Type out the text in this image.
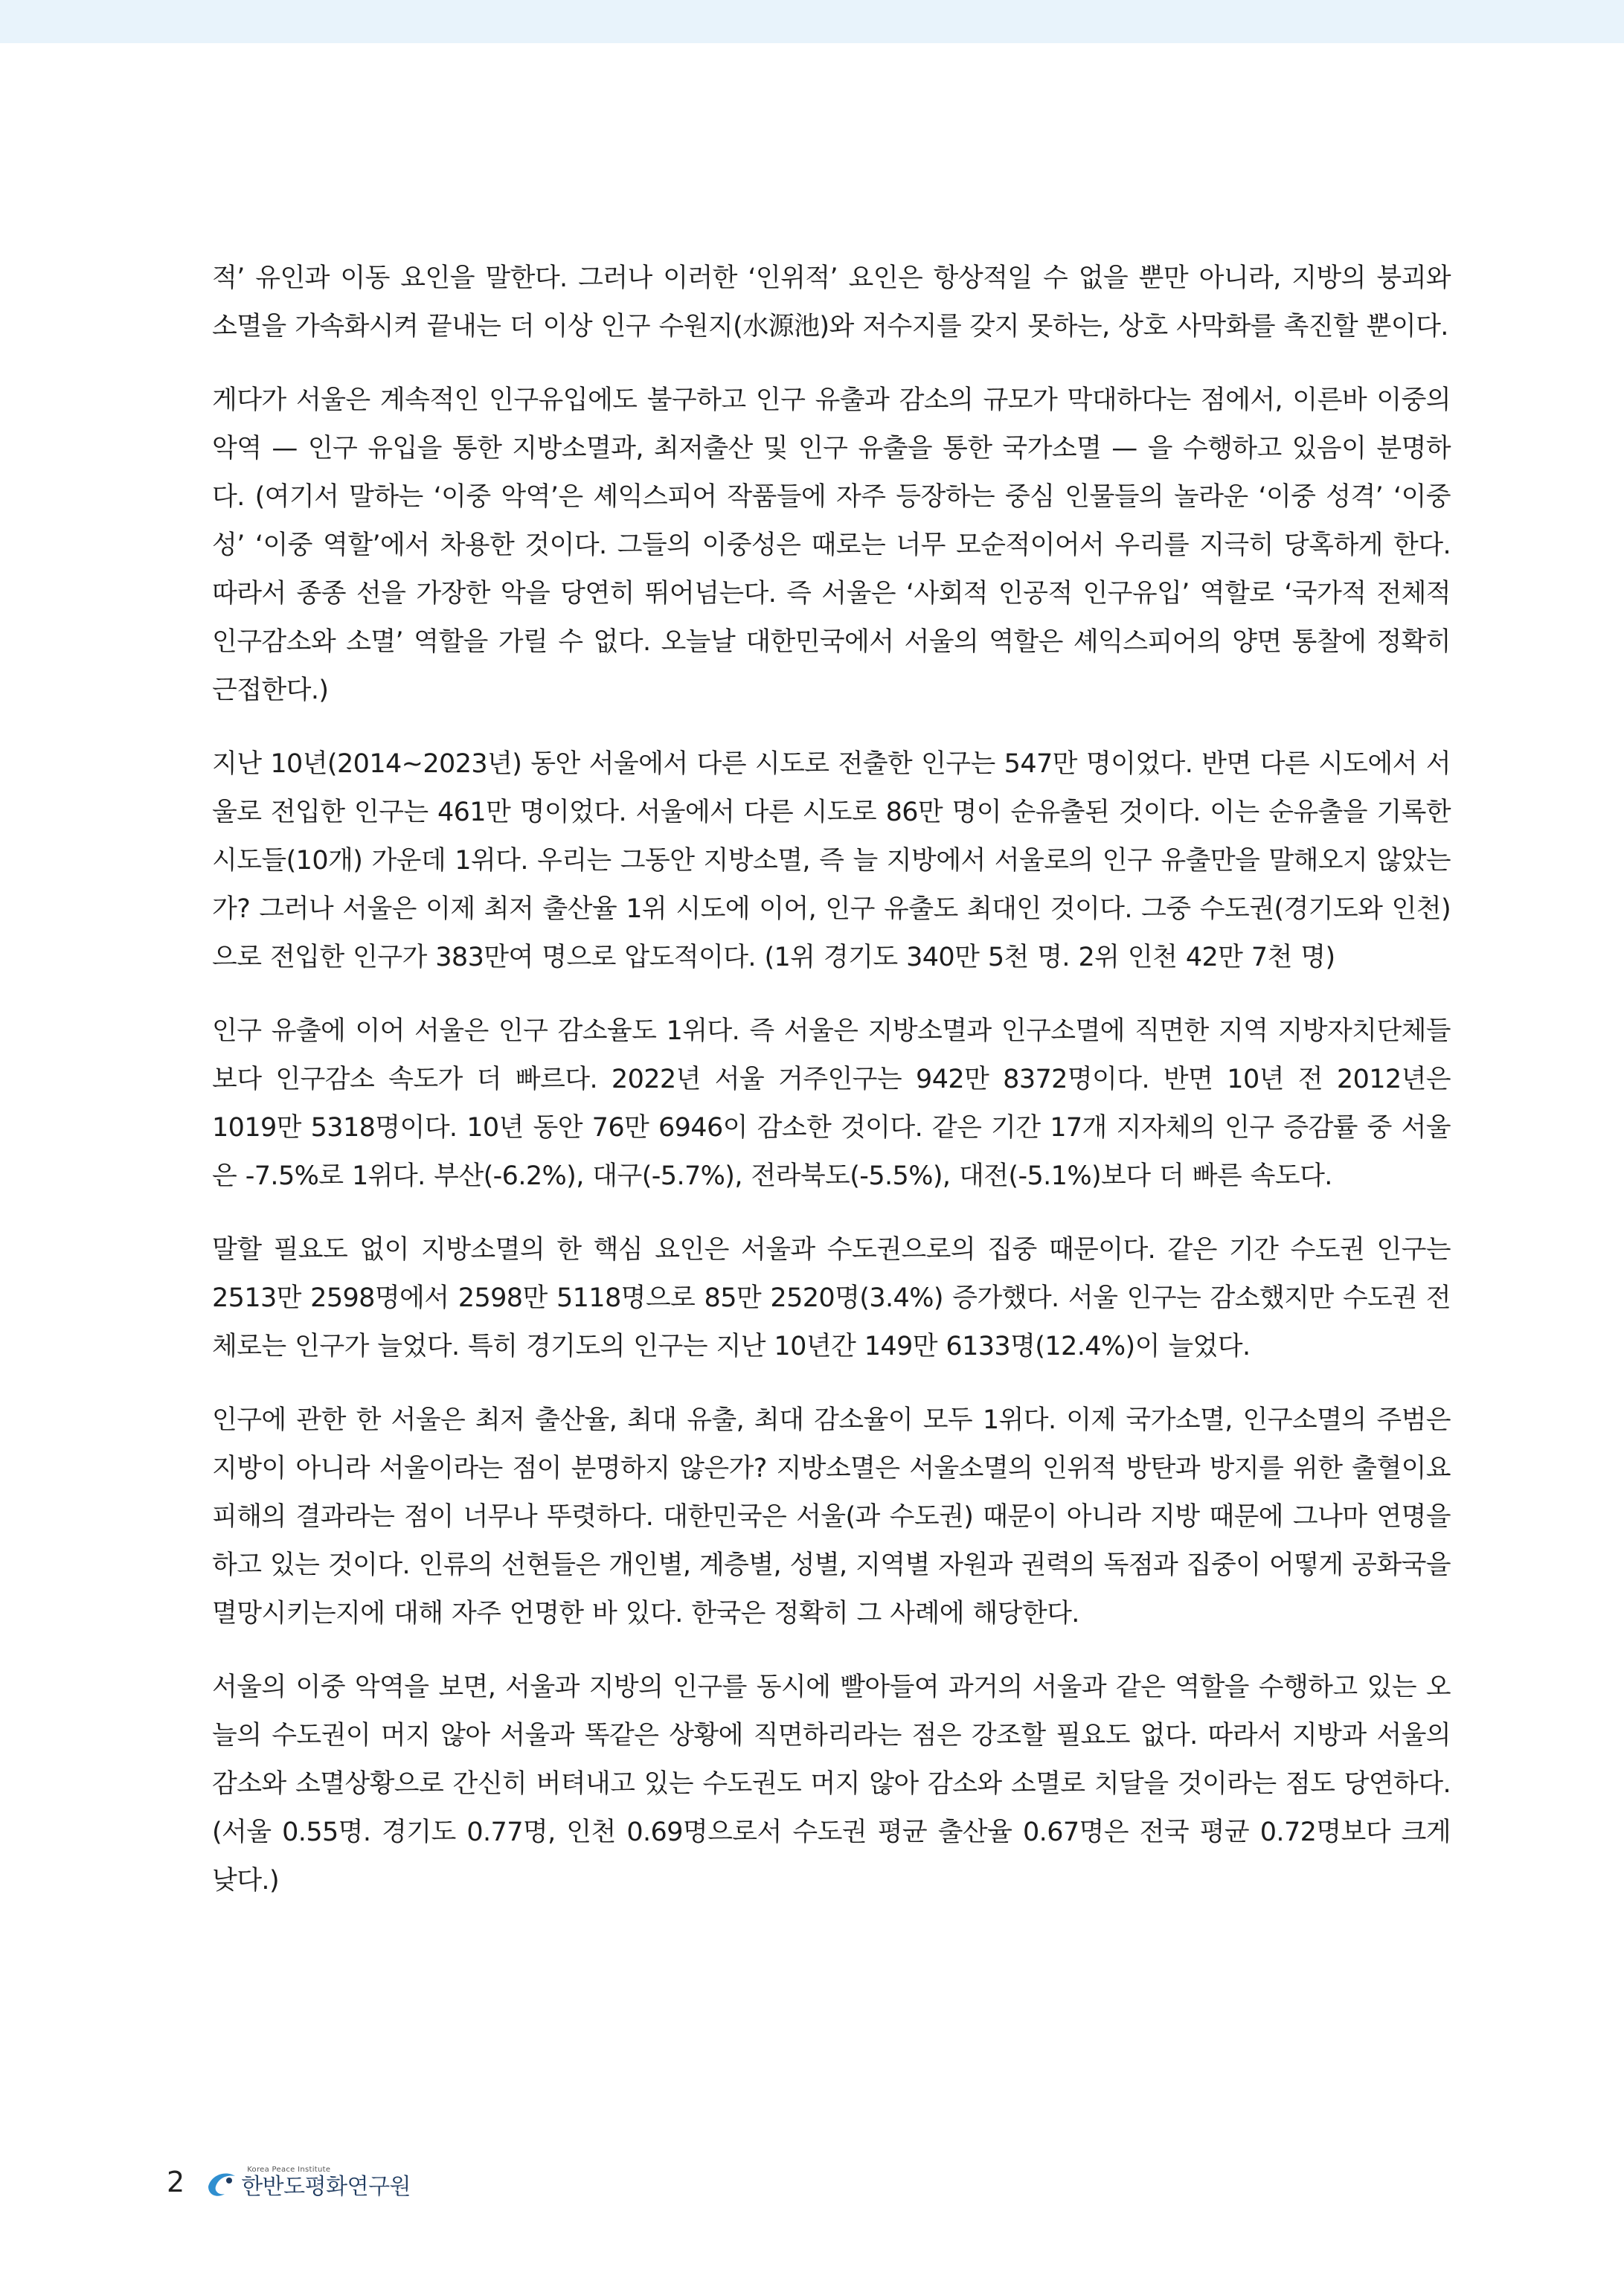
적’ 유인과 이동 요인을 말한다. 그러나 이러한 ‘인위적’ 요인은 항상적일 수 없을 뿐만 아니라, 지방의 붕괴와 소멸을 가속화시켜 끝내는 더 이상 인구 수원지(水源池)와 저수지를 갖지 못하는, 상호 사막화를 촉진할 뿐이다.

게다가 서울은 계속적인 인구유입에도 불구하고 인구 유출과 감소의 규모가 막대하다는 점에서, 이른바 이중의 악역 — 인구 유입을 통한 지방소멸과, 최저출산 및 인구 유출을 통한 국가소멸 — 을 수행하고 있음이 분명하다. (여기서 말하는 ‘이중 악역’은 셰익스피어 작품들에 자주 등장하는 중심 인물들의 놀라운 ‘이중 성격’ ‘이중성’ ‘이중 역할’에서 차용한 것이다. 그들의 이중성은 때로는 너무 모순적이어서 우리를 지극히 당혹하게 한다. 따라서 종종 선을 가장한 악을 당연히 뛰어넘는다. 즉 서울은 ‘사회적 인공적 인구유입’ 역할로 ‘국가적 전체적 인구감소와 소멸’ 역할을 가릴 수 없다. 오늘날 대한민국에서 서울의 역할은 셰익스피어의 양면 통찰에 정확히 근접한다.)

지난 10년(2014~2023년) 동안 서울에서 다른 시도로 전출한 인구는 547만 명이었다. 반면 다른 시도에서 서울로 전입한 인구는 461만 명이었다. 서울에서 다른 시도로 86만 명이 순유출된 것이다. 이는 순유출을 기록한 시도들(10개) 가운데 1위다. 우리는 그동안 지방소멸, 즉 늘 지방에서 서울로의 인구 유출만을 말해오지 않았는가? 그러나 서울은 이제 최저 출산율 1위 시도에 이어, 인구 유출도 최대인 것이다. 그중 수도권(경기도와 인천)으로 전입한 인구가 383만여 명으로 압도적이다. (1위 경기도 340만 5천 명. 2위 인천 42만 7천 명)

인구 유출에 이어 서울은 인구 감소율도 1위다. 즉 서울은 지방소멸과 인구소멸에 직면한 지역 지방자치단체들보다 인구감소 속도가 더 빠르다. 2022년 서울 거주인구는 942만 8372명이다. 반면 10년 전 2012년은 1019만 5318명이다. 10년 동안 76만 6946이 감소한 것이다. 같은 기간 17개 지자체의 인구 증감률 중 서울은 -7.5%로 1위다. 부산(-6.2%), 대구(-5.7%), 전라북도(-5.5%), 대전(-5.1%)보다 더 빠른 속도다.

말할 필요도 없이 지방소멸의 한 핵심 요인은 서울과 수도권으로의 집중 때문이다. 같은 기간 수도권 인구는 2513만 2598명에서 2598만 5118명으로 85만 2520명(3.4%) 증가했다. 서울 인구는 감소했지만 수도권 전체로는 인구가 늘었다. 특히 경기도의 인구는 지난 10년간 149만 6133명(12.4%)이 늘었다.

인구에 관한 한 서울은 최저 출산율, 최대 유출, 최대 감소율이 모두 1위다. 이제 국가소멸, 인구소멸의 주범은 지방이 아니라 서울이라는 점이 분명하지 않은가? 지방소멸은 서울소멸의 인위적 방탄과 방지를 위한 출혈이요 피해의 결과라는 점이 너무나 뚜렷하다. 대한민국은 서울(과 수도권) 때문이 아니라 지방 때문에 그나마 연명을 하고 있는 것이다. 인류의 선현들은 개인별, 계층별, 성별, 지역별 자원과 권력의 독점과 집중이 어떻게 공화국을 멸망시키는지에 대해 자주 언명한 바 있다. 한국은 정확히 그 사례에 해당한다.

서울의 이중 악역을 보면, 서울과 지방의 인구를 동시에 빨아들여 과거의 서울과 같은 역할을 수행하고 있는 오늘의 수도권이 머지 않아 서울과 똑같은 상황에 직면하리라는 점은 강조할 필요도 없다. 따라서 지방과 서울의 감소와 소멸상황으로 간신히 버텨내고 있는 수도권도 머지 않아 감소와 소멸로 치달을 것이라는 점도 당연하다. (서울 0.55명. 경기도 0.77명, 인천 0.69명으로서 수도권 평균 출산율 0.67명은 전국 평균 0.72명보다 크게 낮다.)

2	Korea Peace Institute
한반도평화연구원
